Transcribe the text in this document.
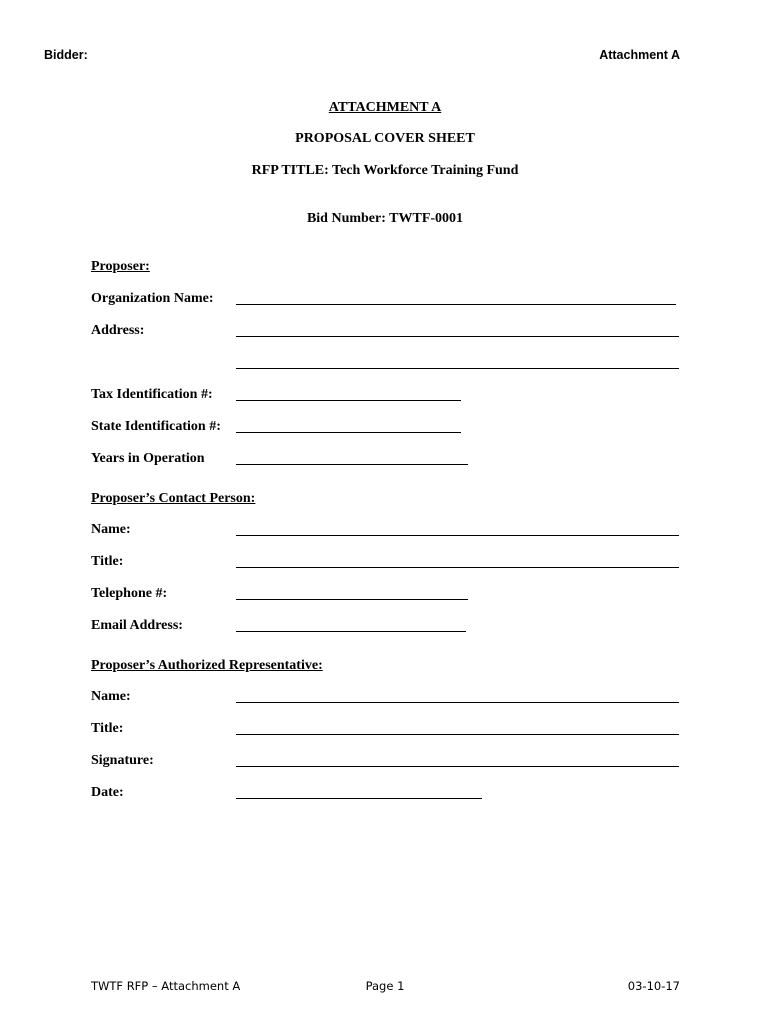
Bidder:	Attachment A
ATTACHMENT A
PROPOSAL COVER SHEET
RFP TITLE: Tech Workforce Training Fund
Bid Number: TWTF-0001
Proposer:
Organization Name:
Address:
Tax Identification #:
State Identification #:
Years in Operation
Proposer’s Contact Person:
Name:
Title:
Telephone #:
Email Address:
Proposer’s Authorized Representative:
Name:
Title:
Signature:
Date:
TWTF RFP – Attachment A	Page 1	03-10-17
